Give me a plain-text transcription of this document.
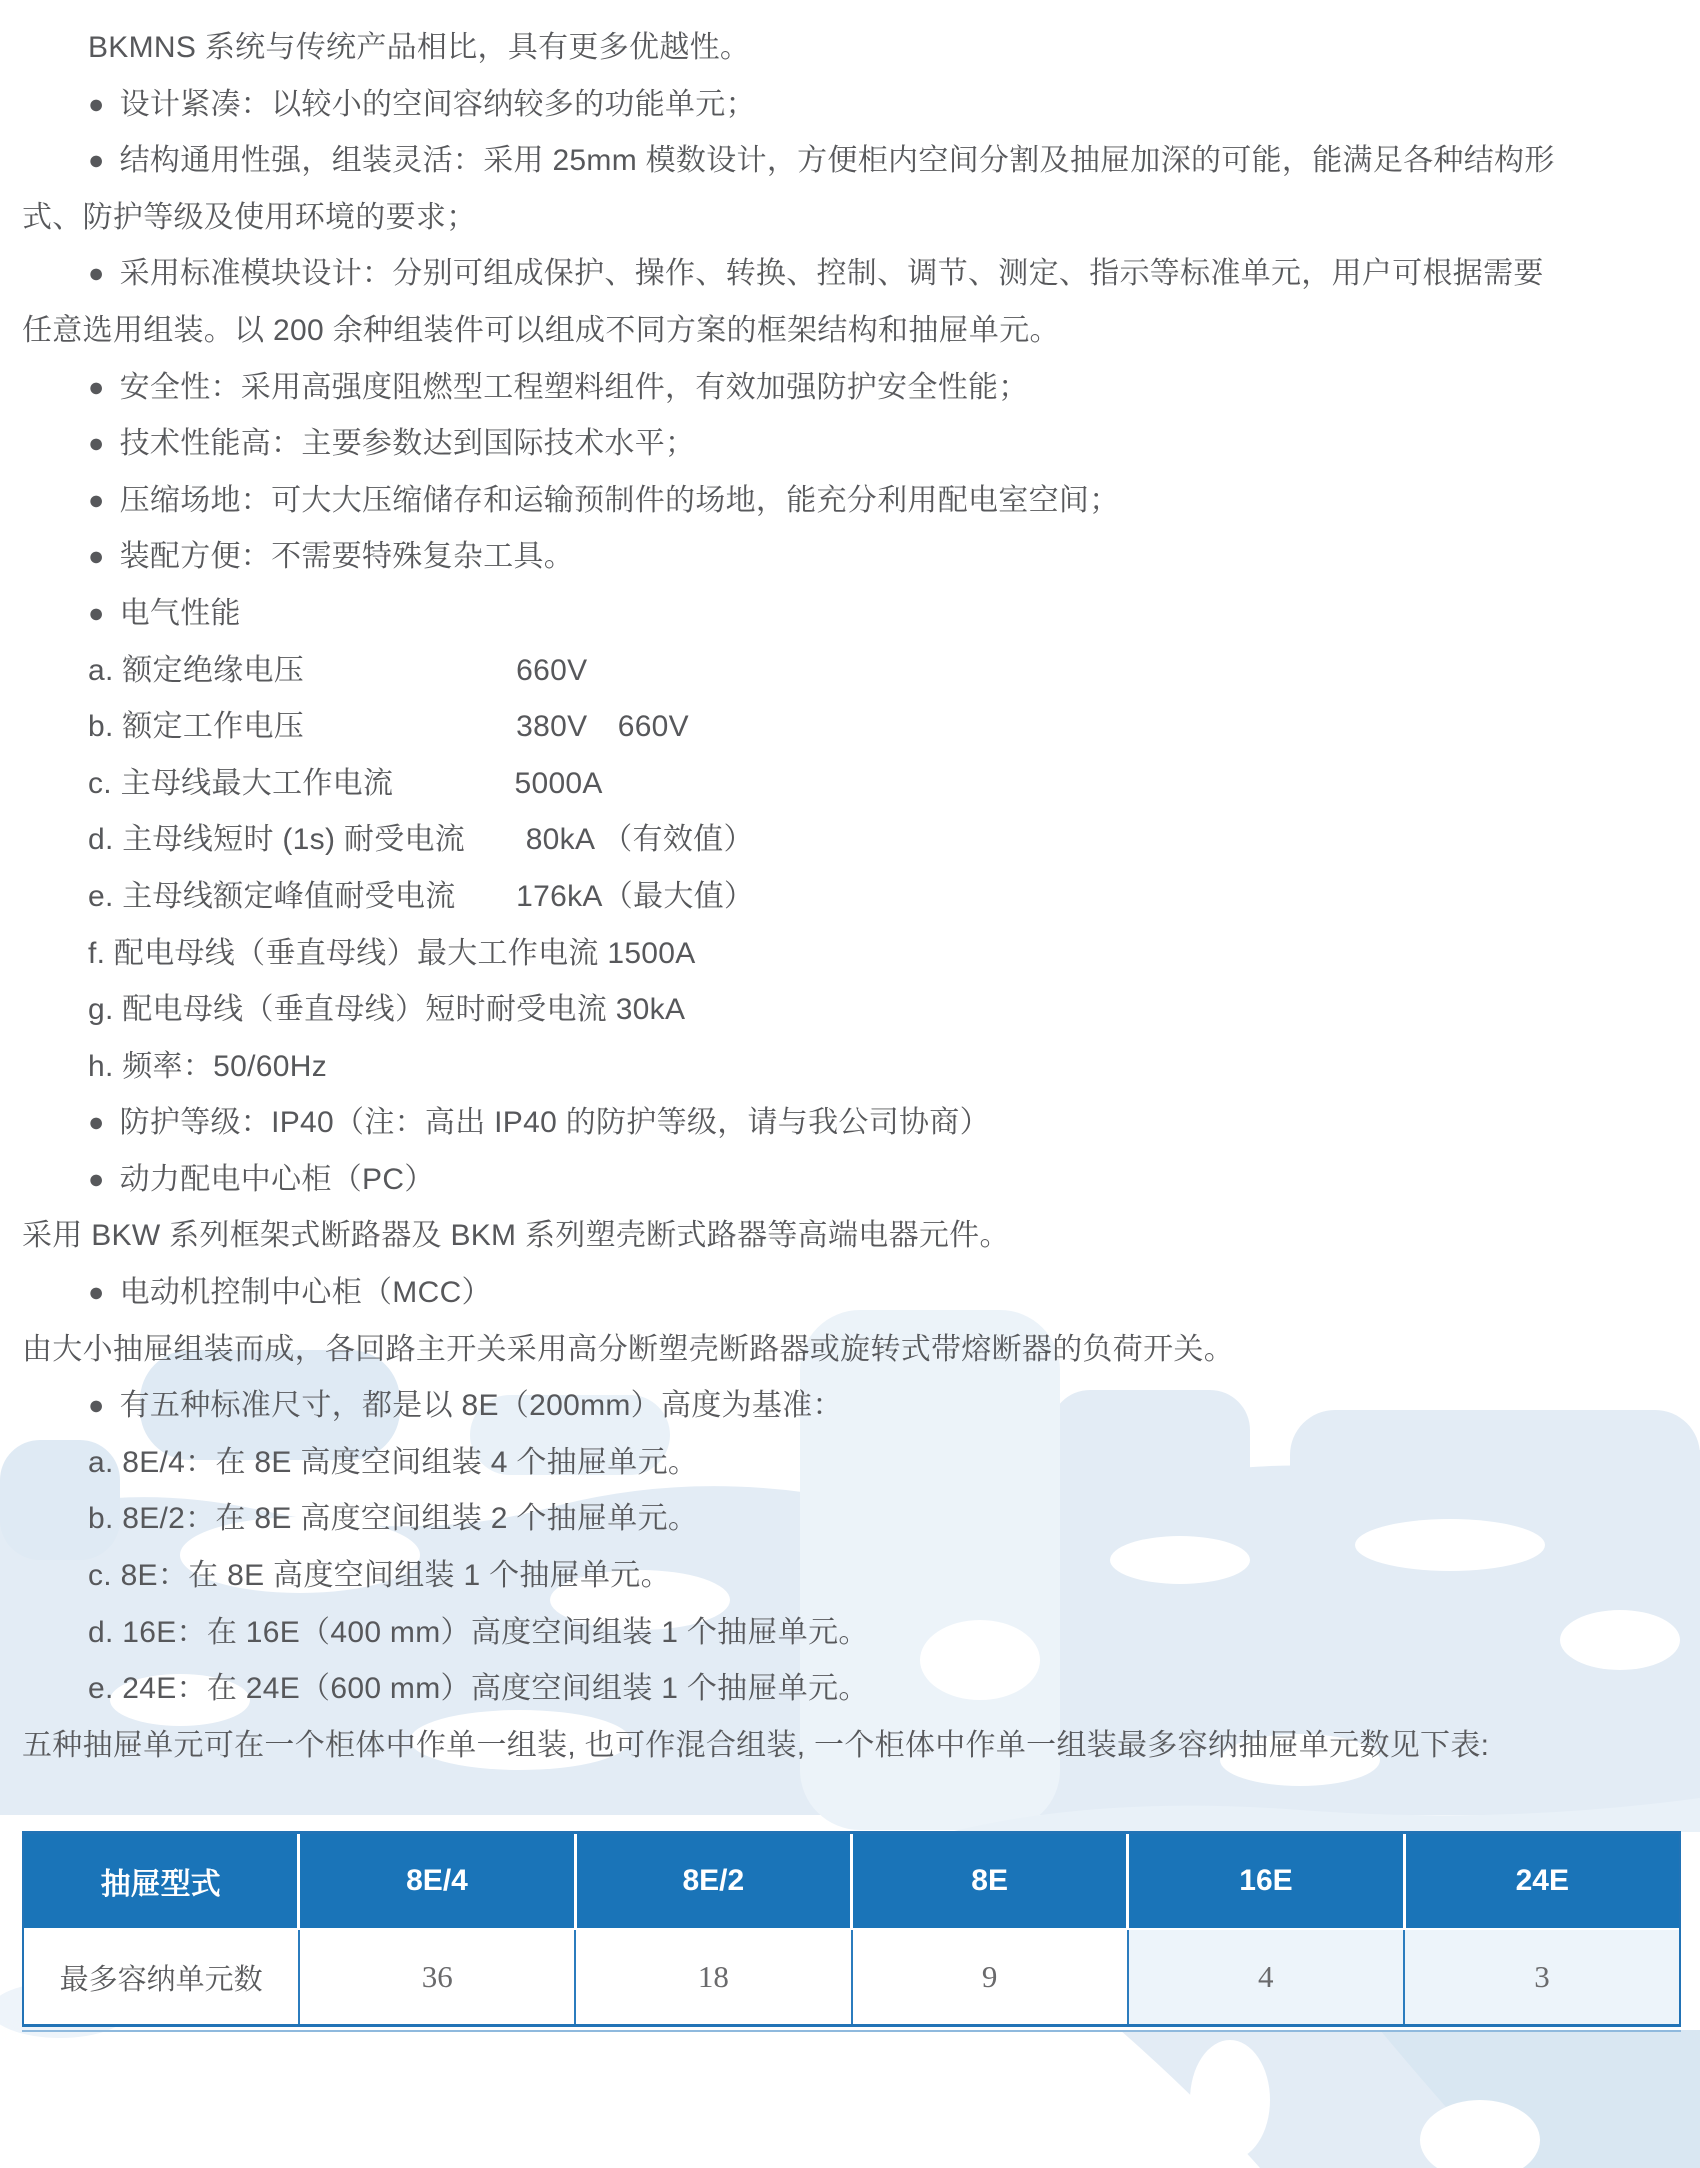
BKMNS 系统与传统产品相比，具有更多优越性。
● 设计紧凑：以较小的空间容纳较多的功能单元；
● 结构通用性强，组装灵活：采用 25mm 模数设计，方便柜内空间分割及抽屉加深的可能，能满足各种结构形
式、防护等级及使用环境的要求；
● 采用标准模块设计：分别可组成保护、操作、转换、控制、调节、测定、指示等标准单元，用户可根据需要
任意选用组装。以 200 余种组装件可以组成不同方案的框架结构和抽屉单元。
● 安全性：采用高强度阻燃型工程塑料组件，有效加强防护安全性能；
● 技术性能高：主要参数达到国际技术水平；
● 压缩场地：可大大压缩储存和运输预制件的场地，能充分利用配电室空间；
● 装配方便：不需要特殊复杂工具。
● 电气性能
a. 额定绝缘电压　　　　　　　660V
b. 额定工作电压　　　　　　　380V　660V
c. 主母线最大工作电流　　　　5000A
d. 主母线短时 (1s) 耐受电流　　80kA （有效值）
e. 主母线额定峰值耐受电流　　176kA（最大值）
f. 配电母线（垂直母线）最大工作电流 1500A
g. 配电母线（垂直母线）短时耐受电流 30kA
h. 频率：50/60Hz
● 防护等级：IP40（注：高出 IP40 的防护等级，请与我公司协商）
● 动力配电中心柜（PC）
采用 BKW 系列框架式断路器及 BKM 系列塑壳断式路器等高端电器元件。
● 电动机控制中心柜（MCC）
由大小抽屉组装而成，各回路主开关采用高分断塑壳断路器或旋转式带熔断器的负荷开关。
● 有五种标准尺寸，都是以 8E（200mm）高度为基准：
a. 8E/4：在 8E 高度空间组装 4 个抽屉单元。
b. 8E/2：在 8E 高度空间组装 2 个抽屉单元。
c. 8E：在 8E 高度空间组装 1 个抽屉单元。
d. 16E：在 16E（400 mm）高度空间组装 1 个抽屉单元。
e. 24E：在 24E（600 mm）高度空间组装 1 个抽屉单元。
五种抽屉单元可在一个柜体中作单一组装, 也可作混合组装, 一个柜体中作单一组装最多容纳抽屉单元数见下表:
抽屉型式	8E/4	8E/2	8E	16E	24E
最多容纳单元数	36	18	9	4	3
